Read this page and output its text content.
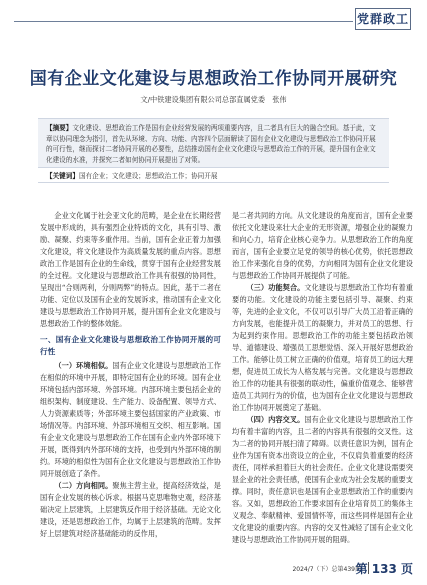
党群政工
国有企业文化建设与思想政治工作协同开展研究
文/中铁建设集团有限公司总部直属党委　张伟
【摘要】文化建设、思想政治工作是国有企业经营发展的两项重要内容，且二者具有巨大的融合空间。基于此，文章以协同理念为指引，首先从环境、方向、功能、内容四个层面解读了国有企业文化建设与思想政治工作协同开展的可行性，继而探讨二者协同开展的必要性，总结推动国有企业文化建设与思想政治工作的开展，提升国有企业文化建设的水准，并探究二者如何协同开展提出了对策。
【关键词】国有企业；文化建设；思想政治工作；协同开展

企业文化属于社会亚文化的范畴，是企业在长期经营发展中形成的，具有强烈企业特质的文化，具有引导、激励、凝聚、约束等多重作用。当前，国有企业正着力加强文化建设，将文化建设作为高质量发展的重点内容。思想政治工作是国有企业的生命线，贯穿于国有企业经营发展的全过程。文化建设与思想政治工作具有很强的协同性，呈现出“合则两利，分则两弊”的特点。因此，基于二者在功能、定位以及国有企业的发展诉求，推动国有企业文化建设与思想政治工作协同开展，提升国有企业文化建设与思想政治工作的整体效能。

一、国有企业文化建设与思想政治工作协同开展的可行性

（一）环境相似。国有企业文化建设与思想政治工作在相似的环境中开展，即特定国有企业的环境。国有企业环境包括内部环境、外部环境。内部环境主要包括企业的组织架构、制度建设、生产能力、设备配置、领导方式、人力资源素质等；外部环境主要包括国家的产业政策、市场情况等。内部环境、外部环境相互交织、相互影响。国有企业文化建设与思想政治工作在国有企业内外部环境下开展，既得到内外部环境的支持，也受到内外部环境的制约。环境的相似性为国有企业文化建设与思想政治工作协同开展创造了条件。

（二）方向相同。聚焦主营主业，提高经济效益，是国有企业发展的核心诉求。根据马克思唯物史观，经济基础决定上层建筑，上层建筑反作用于经济基础。无论文化建设，还是思想政治工作，均属于上层建筑的范畴。发挥好上层建筑对经济基础能动的反作用，

是二者共同的方向。从文化建设的角度而言，国有企业要依托文化建设来壮大企业的无形资源，增强企业的凝聚力和向心力，培育企业核心竞争力。从思想政治工作的角度而言，国有企业要立足党的领导的核心优势，依托思想政治工作来强化自身的优势，方向相同为国有企业文化建设与思想政治工作协同开展提供了可能。

（三）功能契合。文化建设与思想政治工作均有着重要的功能。文化建设的功能主要包括引导、凝聚、约束等，先进的企业文化，不仅可以引导广大员工沿着正确的方向发展，也能提升员工的凝聚力，并对员工的思想、行为起到约束作用。思想政治工作的功能主要包括政治领导、道德建设、增强员工思想觉悟、深入开展好思想政治工作。能够让员工树立正确的价值观，培育员工的远大理想，促进员工成长为人格发展与完善。文化建设与思想政治工作的功能具有很强的联动性，偏重价值观念、能够营造员工共同行为的价值，也为国有企业文化建设与思想政治工作协同开展奠定了基础。

（四）内容交叉。国有企业文化建设与思想政治工作均有着丰富的内容，且二者的内容具有很强的交叉性。这为二者的协同开展扫清了障碍。以责任意识为例，国有企业作为国有资本出资设立的企业，不仅肩负着重要的经济责任，同样承担着巨大的社会责任。企业文化建设需要突显企业的社会责任感，使国有企业成为社会发展的重要支撑。同时，责任意识也是国有企业思想政治工作的重要内容。又如，思想政治工作要求国有企业培育员工的集体主义观念、奉献精神、爱国情怀等，而这些同样是国有企业文化建设的重要内容。内容的交叉性减轻了国有企业文化建设与思想政治工作协同开展的阻碍。

2024/7（下）总第439期
第 133 页
